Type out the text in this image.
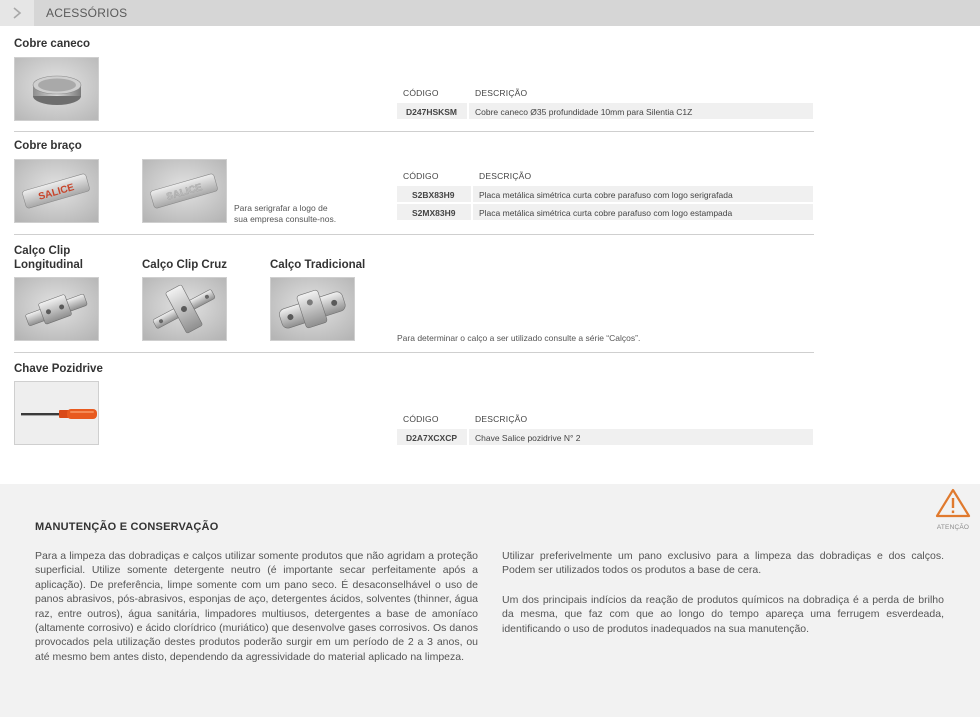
ACESSÓRIOS
Cobre caneco
CÓDIGO	DESCRIÇÃO
D247HSKSM Cobre caneco Ø35 profundidade 10mm para Silentia C1Z
Cobre braço
SALICE	SALICE
Para serigrafar a logo de
sua empresa consulte-nos.
CÓDIGO	DESCRIÇÃO
S2BX83H9	Placa metálica simétrica curta cobre parafuso com logo serigrafada
S2MX83H9	Placa metálica simétrica curta cobre parafuso com logo estampada
Calço Clip
Longitudinal	Calço Clip Cruz	Calço Tradicional
Para determinar o calço a ser utilizado consulte a série “Calços”.
Chave Pozidrive
CÓDIGO	DESCRIÇÃO
D2A7XCXCP Chave Salice pozidrive N° 2
ATENÇÃO
MANUTENÇÃO E CONSERVAÇÃO
Para a limpeza das dobradiças e calços utilizar somente produtos que não agridam a proteção superficial. Utilize somente detergente neutro (é importante secar perfeitamente após a aplicação). De preferência, limpe somente com um pano seco. É desaconselhável o uso de panos abrasivos, pós-abrasivos, esponjas de aço, detergentes ácidos, solventes (thinner, água raz, entre outros), água sanitária, limpadores multiusos, detergentes a base de amoníaco (altamente corrosivo) e ácido clorídrico (muriático) que desenvolve gases corrosivos. Os danos provocados pela utilização destes produtos poderão surgir em um período de 2 a 3 anos, ou até mesmo bem antes disto, dependendo da agressividade do material aplicado na limpeza.
Utilizar preferivelmente um pano exclusivo para a limpeza das dobradiças e dos calços. Podem ser utilizados todos os produtos a base de cera.
Um dos principais indícios da reação de produtos químicos na dobradiça é a perda de brilho da mesma, que faz com que ao longo do tempo apareça uma ferrugem esverdeada, identificando o uso de produtos inadequados na sua manutenção.
